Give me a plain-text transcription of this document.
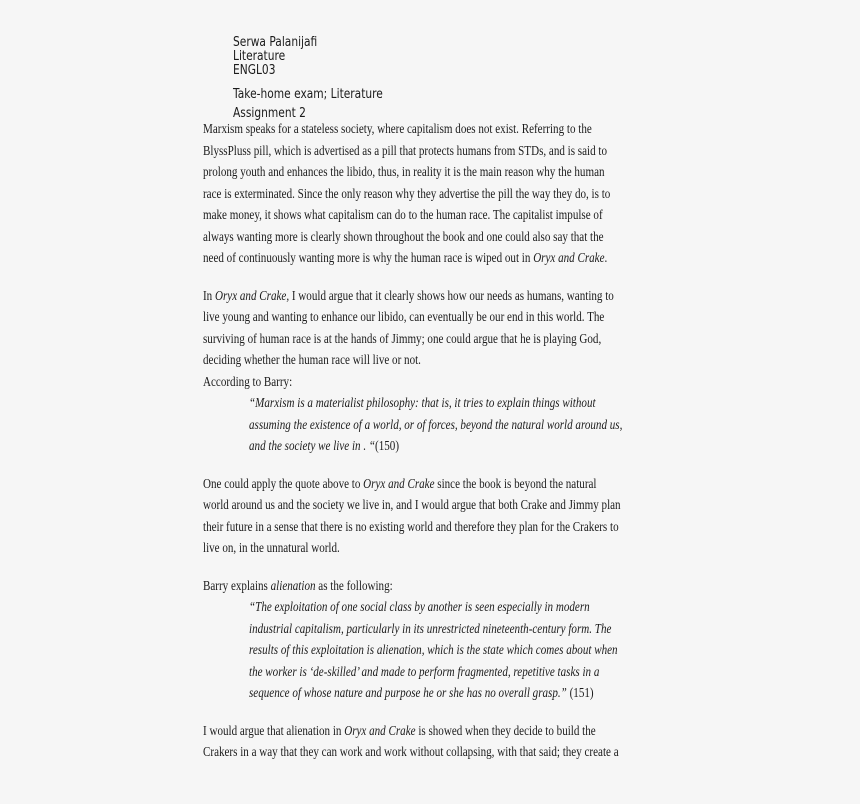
Serwa Palanijafi
Literature
ENGL03
Take-home exam; Literature
Assignment 2
Marxism speaks for a stateless society, where capitalism does not exist. Referring to the
BlyssPluss pill, which is advertised as a pill that protects humans from STDs, and is said to
prolong youth and enhances the libido, thus, in reality it is the main reason why the human
race is exterminated. Since the only reason why they advertise the pill the way they do, is to
make money, it shows what capitalism can do to the human race. The capitalist impulse of
always wanting more is clearly shown throughout the book and one could also say that the
need of continuously wanting more is why the human race is wiped out in Oryx and Crake.
In Oryx and Crake, I would argue that it clearly shows how our needs as humans, wanting to
live young and wanting to enhance our libido, can eventually be our end in this world. The
surviving of human race is at the hands of Jimmy; one could argue that he is playing God,
deciding whether the human race will live or not.
According to Barry:
“Marxism is a materialist philosophy: that is, it tries to explain things without
assuming the existence of a world, or of forces, beyond the natural world around us,
and the society we live in . “(150)
One could apply the quote above to Oryx and Crake since the book is beyond the natural
world around us and the society we live in, and I would argue that both Crake and Jimmy plan
their future in a sense that there is no existing world and therefore they plan for the Crakers to
live on, in the unnatural world.
Barry explains alienation as the following:
“The exploitation of one social class by another is seen especially in modern
industrial capitalism, particularly in its unrestricted nineteenth-century form. The
results of this exploitation is alienation, which is the state which comes about when
the worker is ‘de-skilled’ and made to perform fragmented, repetitive tasks in a
sequence of whose nature and purpose he or she has no overall grasp.” (151)
I would argue that alienation in Oryx and Crake is showed when they decide to build the
Crakers in a way that they can work and work without collapsing, with that said; they create a
